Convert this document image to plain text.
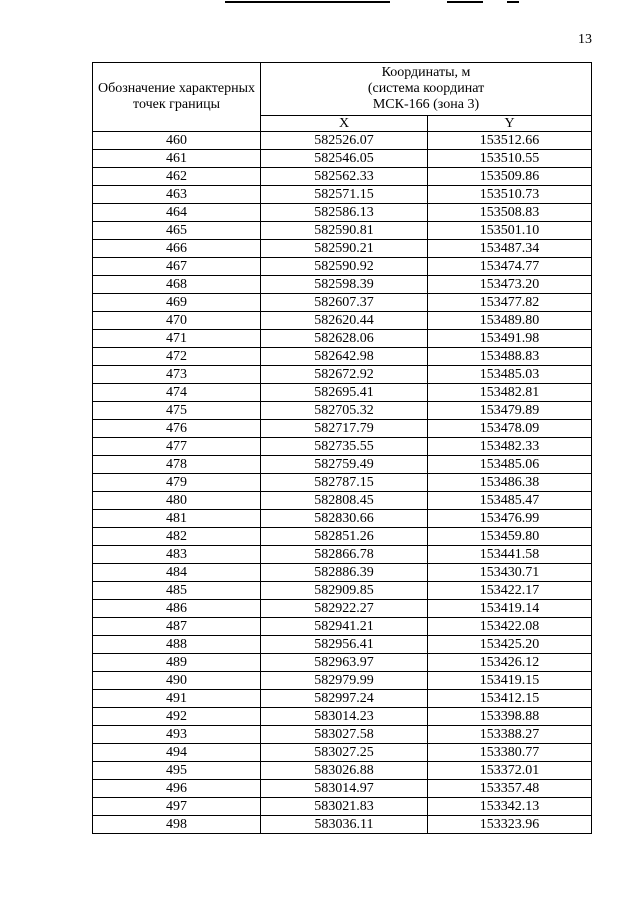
13
Обозначение характерных точек границы	Координаты, м
(система координат
МСК-166 (зона 3)	

	X	Y
460	582526.07	153512.66
461	582546.05	153510.55
462	582562.33	153509.86
463	582571.15	153510.73
464	582586.13	153508.83
465	582590.81	153501.10
466	582590.21	153487.34
467	582590.92	153474.77
468	582598.39	153473.20
469	582607.37	153477.82
470	582620.44	153489.80
471	582628.06	153491.98
472	582642.98	153488.83
473	582672.92	153485.03
474	582695.41	153482.81
475	582705.32	153479.89
476	582717.79	153478.09
477	582735.55	153482.33
478	582759.49	153485.06
479	582787.15	153486.38
480	582808.45	153485.47
481	582830.66	153476.99
482	582851.26	153459.80
483	582866.78	153441.58
484	582886.39	153430.71
485	582909.85	153422.17
486	582922.27	153419.14
487	582941.21	153422.08
488	582956.41	153425.20
489	582963.97	153426.12
490	582979.99	153419.15
491	582997.24	153412.15
492	583014.23	153398.88
493	583027.58	153388.27
494	583027.25	153380.77
495	583026.88	153372.01
496	583014.97	153357.48
497	583021.83	153342.13
498	583036.11	153323.96
